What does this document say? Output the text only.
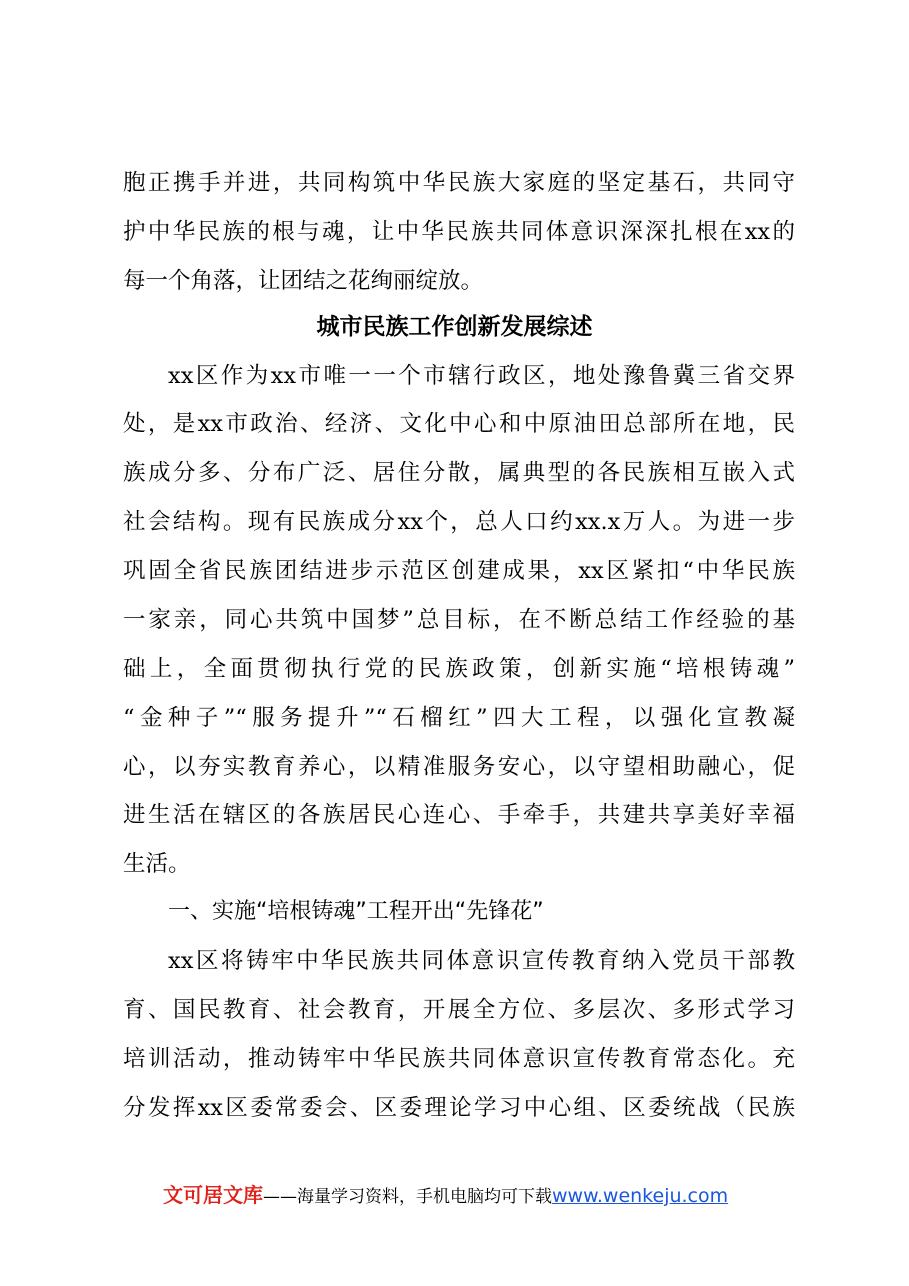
胞正携手并进，共同构筑中华民族大家庭的坚定基石，共同守
护中华民族的根与魂，让中华民族共同体意识深深扎根在xx的
每一个角落，让团结之花绚丽绽放。
城市民族工作创新发展综述
xx区作为xx市唯一一个市辖行政区，地处豫鲁冀三省交界
处，是xx市政治、经济、文化中心和中原油田总部所在地，民
族成分多、分布广泛、居住分散，属典型的各民族相互嵌入式
社会结构。现有民族成分xx个，总人口约xx.x万人。为进一步
巩固全省民族团结进步示范区创建成果，xx区紧扣“中华民族
一家亲，同心共筑中国梦”总目标，在不断总结工作经验的基
础上，全面贯彻执行党的民族政策，创新实施“培根铸魂”
“金种子”“服务提升”“石榴红”四大工程，以强化宣教凝
心，以夯实教育养心，以精准服务安心，以守望相助融心，促
进生活在辖区的各族居民心连心、手牵手，共建共享美好幸福
生活。
一、实施“培根铸魂”工程开出“先锋花”
xx区将铸牢中华民族共同体意识宣传教育纳入党员干部教
育、国民教育、社会教育，开展全方位、多层次、多形式学习
培训活动，推动铸牢中华民族共同体意识宣传教育常态化。充
分发挥xx区委常委会、区委理论学习中心组、区委统战（民族
文可居文库——海量学习资料，手机电脑均可下载www.wenkeju.com
